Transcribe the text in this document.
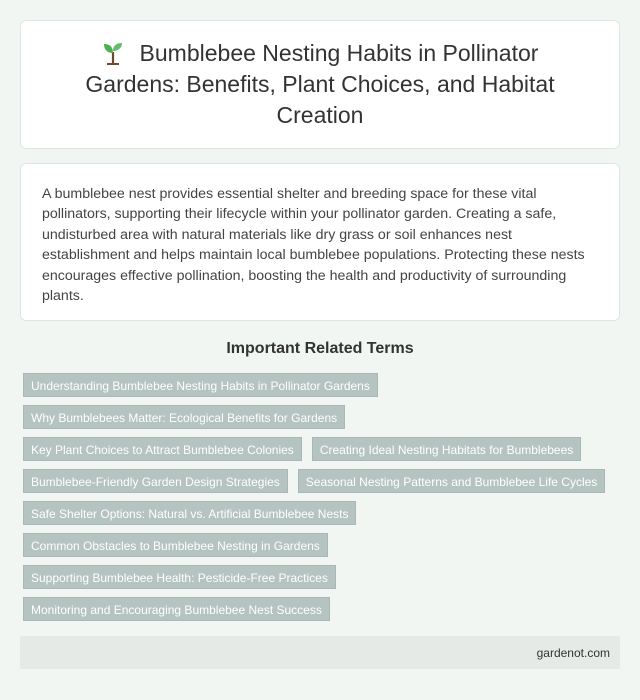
Bumblebee Nesting Habits in Pollinator Gardens: Benefits, Plant Choices, and Habitat Creation

A bumblebee nest provides essential shelter and breeding space for these vital pollinators, supporting their lifecycle within your pollinator garden. Creating a safe, undisturbed area with natural materials like dry grass or soil enhances nest establishment and helps maintain local bumblebee populations. Protecting these nests encourages effective pollination, boosting the health and productivity of surrounding plants.

Important Related Terms
Understanding Bumblebee Nesting Habits in Pollinator Gardens
Why Bumblebees Matter: Ecological Benefits for Gardens
Key Plant Choices to Attract Bumblebee Colonies	Creating Ideal Nesting Habitats for Bumblebees
Bumblebee-Friendly Garden Design Strategies	Seasonal Nesting Patterns and Bumblebee Life Cycles
Safe Shelter Options: Natural vs. Artificial Bumblebee Nests
Common Obstacles to Bumblebee Nesting in Gardens
Supporting Bumblebee Health: Pesticide-Free Practices
Monitoring and Encouraging Bumblebee Nest Success
gardenot.com
